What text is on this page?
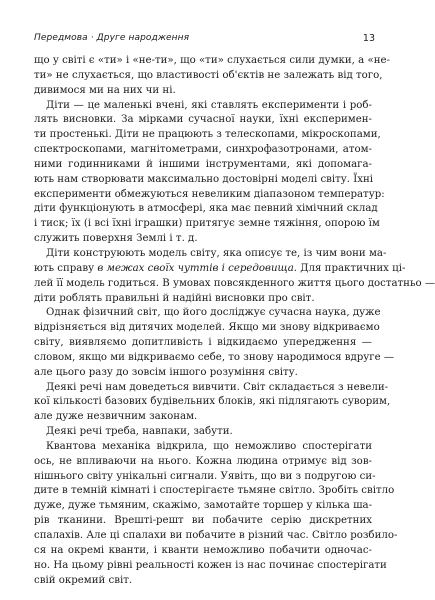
Передмова · Друге народження	13
що у світі є «ти» і «не-ти», що «ти» слухається сили думки, а «не-
ти» не слухається, що властивості об'єктів не залежать від того,
дивимося ми на них чи ні.
Діти — це маленькі вчені, які ставлять експерименти і роб-
лять висновки. За мірками сучасної науки, їхні експеримен-
ти простенькі. Діти не працюють з телескопами, мікроскопами,
спектроскопами, магнітометрами, синхрофазотронами, атом-
ними годинниками й іншими інструментами, які допомага-
ють нам створювати максимально достовірні моделі світу. Їхні
експерименти обмежуються невеликим діапазоном температур:
діти функціонують в атмосфері, яка має певний хімічний склад
і тиск; їх (і всі їхні іграшки) притягує земне тяжіння, опорою їм
служить поверхня Землі і т. д.
Діти конструюють модель світу, яка описує те, із чим вони ма-
ють справу в межах своїх чуттів і середовища. Для практичних ці-
лей її модель годиться. В умовах повсякденного життя цього достатньо —
діти роблять правильні й надійні висновки про світ.
Однак фізичний світ, що його досліджує сучасна наука, дуже
відрізняється від дитячих моделей. Якщо ми знову відкриваємо
світу, виявляємо допитливість і відкидаємо упередження —
словом, якщо ми відкриваємо себе, то знову народимося вдруге —
але цього разу до зовсім іншого розуміння світу.
Деякі речі нам доведеться вивчити. Світ складається з невели-
кої кількості базових будівельних блоків, які підлягають суворим,
але дуже незвичним законам.
Деякі речі треба, навпаки, забути.
Квантова механіка відкрила, що неможливо спостерігати
ось, не впливаючи на нього. Кожна людина отримує від зов-
нішнього світу унікальні сигнали. Уявіть, що ви з подругою си-
дите в темній кімнаті і спостерігаєте тьмяне світло. Зробіть світло
дуже, дуже тьмяним, скажімо, замотайте торшер у кілька ша-
рів тканини. Врешті-решт ви побачите серію дискретних
спалахів. Але ці спалахи ви побачите в різний час. Світло розбило-
ся на окремі кванти, і кванти неможливо побачити одночас-
но. На цьому рівні реальності кожен із нас починає спостерігати
свій окремий світ.
